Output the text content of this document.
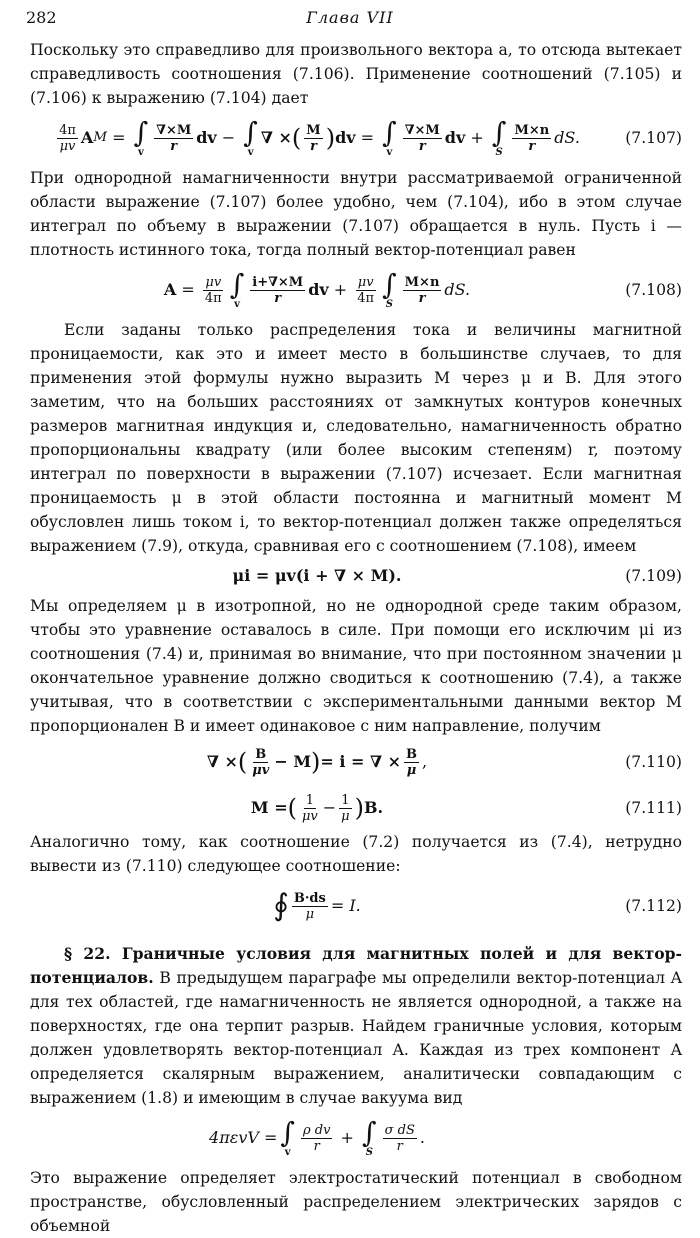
282	Глава VII

Поскольку это справедливо для произвольного вектора a, то отсюда вытекает справедливость соотношения (7.106). Применение соотношений (7.105) и (7.106) к выражению (7.104) дает

$\frac{4\pi}{\mu v}$ A M = ∫
v $\frac{\nabla\times M}{r}$ dv − ∫
v
∇ × ( $\frac{M}{r}$ ) dv = ∫
v $\frac{\nabla\times M}{r}$ dv + ∫
S $\frac{M\times n}{r}$ dS.	(7.107)

При однородной намагниченности внутри рассматриваемой ограниченной области выражение (7.107) более удобно, чем (7.104), ибо в этом случае интеграл по объему в выражении (7.107) обращается в нуль. Пусть i — плотность истинного тока, тогда полный вектор-потенциал равен

$A = \frac{\mu v}{4\pi}$ ∫
v $\frac{i+\nabla\times M}{r}$ dv + $\frac{\mu v}{4\pi}$ ∫
S $\frac{M\times n}{r}$ dS.	(7.108)

Если заданы только распределения тока и величины магнитной проницаемости, как это и имеет место в большинстве случаев, то для применения этой формулы нужно выразить M через μ и B. Для этого заметим, что на больших расстояниях от замкнутых контуров конечных размеров магнитная индукция и, следовательно, намагниченность обратно пропорциональны квадрату (или более высоким степеням) r, поэтому интеграл по поверхности в выражении (7.107) исчезает. Если магнитная проницаемость μ в этой области постоянна и магнитный момент M обусловлен лишь током i, то вектор-потенциал должен также определяться выражением (7.9), откуда, сравнивая его с соотношением (7.108), имеем

μi = μv(i + ∇ × M).	(7.109)

Мы определяем μ в изотропной, но не однородной среде таким образом, чтобы это уравнение оставалось в силе. При помощи его исключим μi из соотношения (7.4) и, принимая во внимание, что при постоянном значении μ окончательное уравнение должно сводиться к соотношению (7.4), а также учитывая, что в соответствии с экспериментальными данными вектор M пропорционален B и имеет одинаковое с ним направление, получим

∇ × ( $\frac{B}{\mu v} - M$ ) = i = ∇ × $\frac{B}{\mu}$ ,	(7.110)
M = ( $\frac{1}{\mu v} - \frac{1}{\mu}$ ) B.	(7.111)

Аналогично тому, как соотношение (7.2) получается из (7.4), нетрудно вывести из (7.110) следующее соотношение:

∮ $\frac{B\cdot ds}{\mu} = I$.	(7.112)

§ 22. Граничные условия для магнитных полей и для вектор-потенциалов. В предыдущем параграфе мы определили вектор-потенциал A для тех областей, где намагниченность не является однородной, а также на поверхностях, где она терпит разрыв. Найдем граничные условия, которым должен удовлетворять вектор-потенциал A. Каждая из трех компонент A определяется скалярным выражением, аналитически совпадающим с выражением (1.8) и имеющим в случае вакуума вид

4πεvV = ∫
v $\frac{\text{ρ dv}}{r}$ + ∫
S $\frac{\text{σ dS}}{r}$ .

Это выражение определяет электростатический потенциал в свободном пространстве, обусловленный распределением электрических зарядов с объемной
